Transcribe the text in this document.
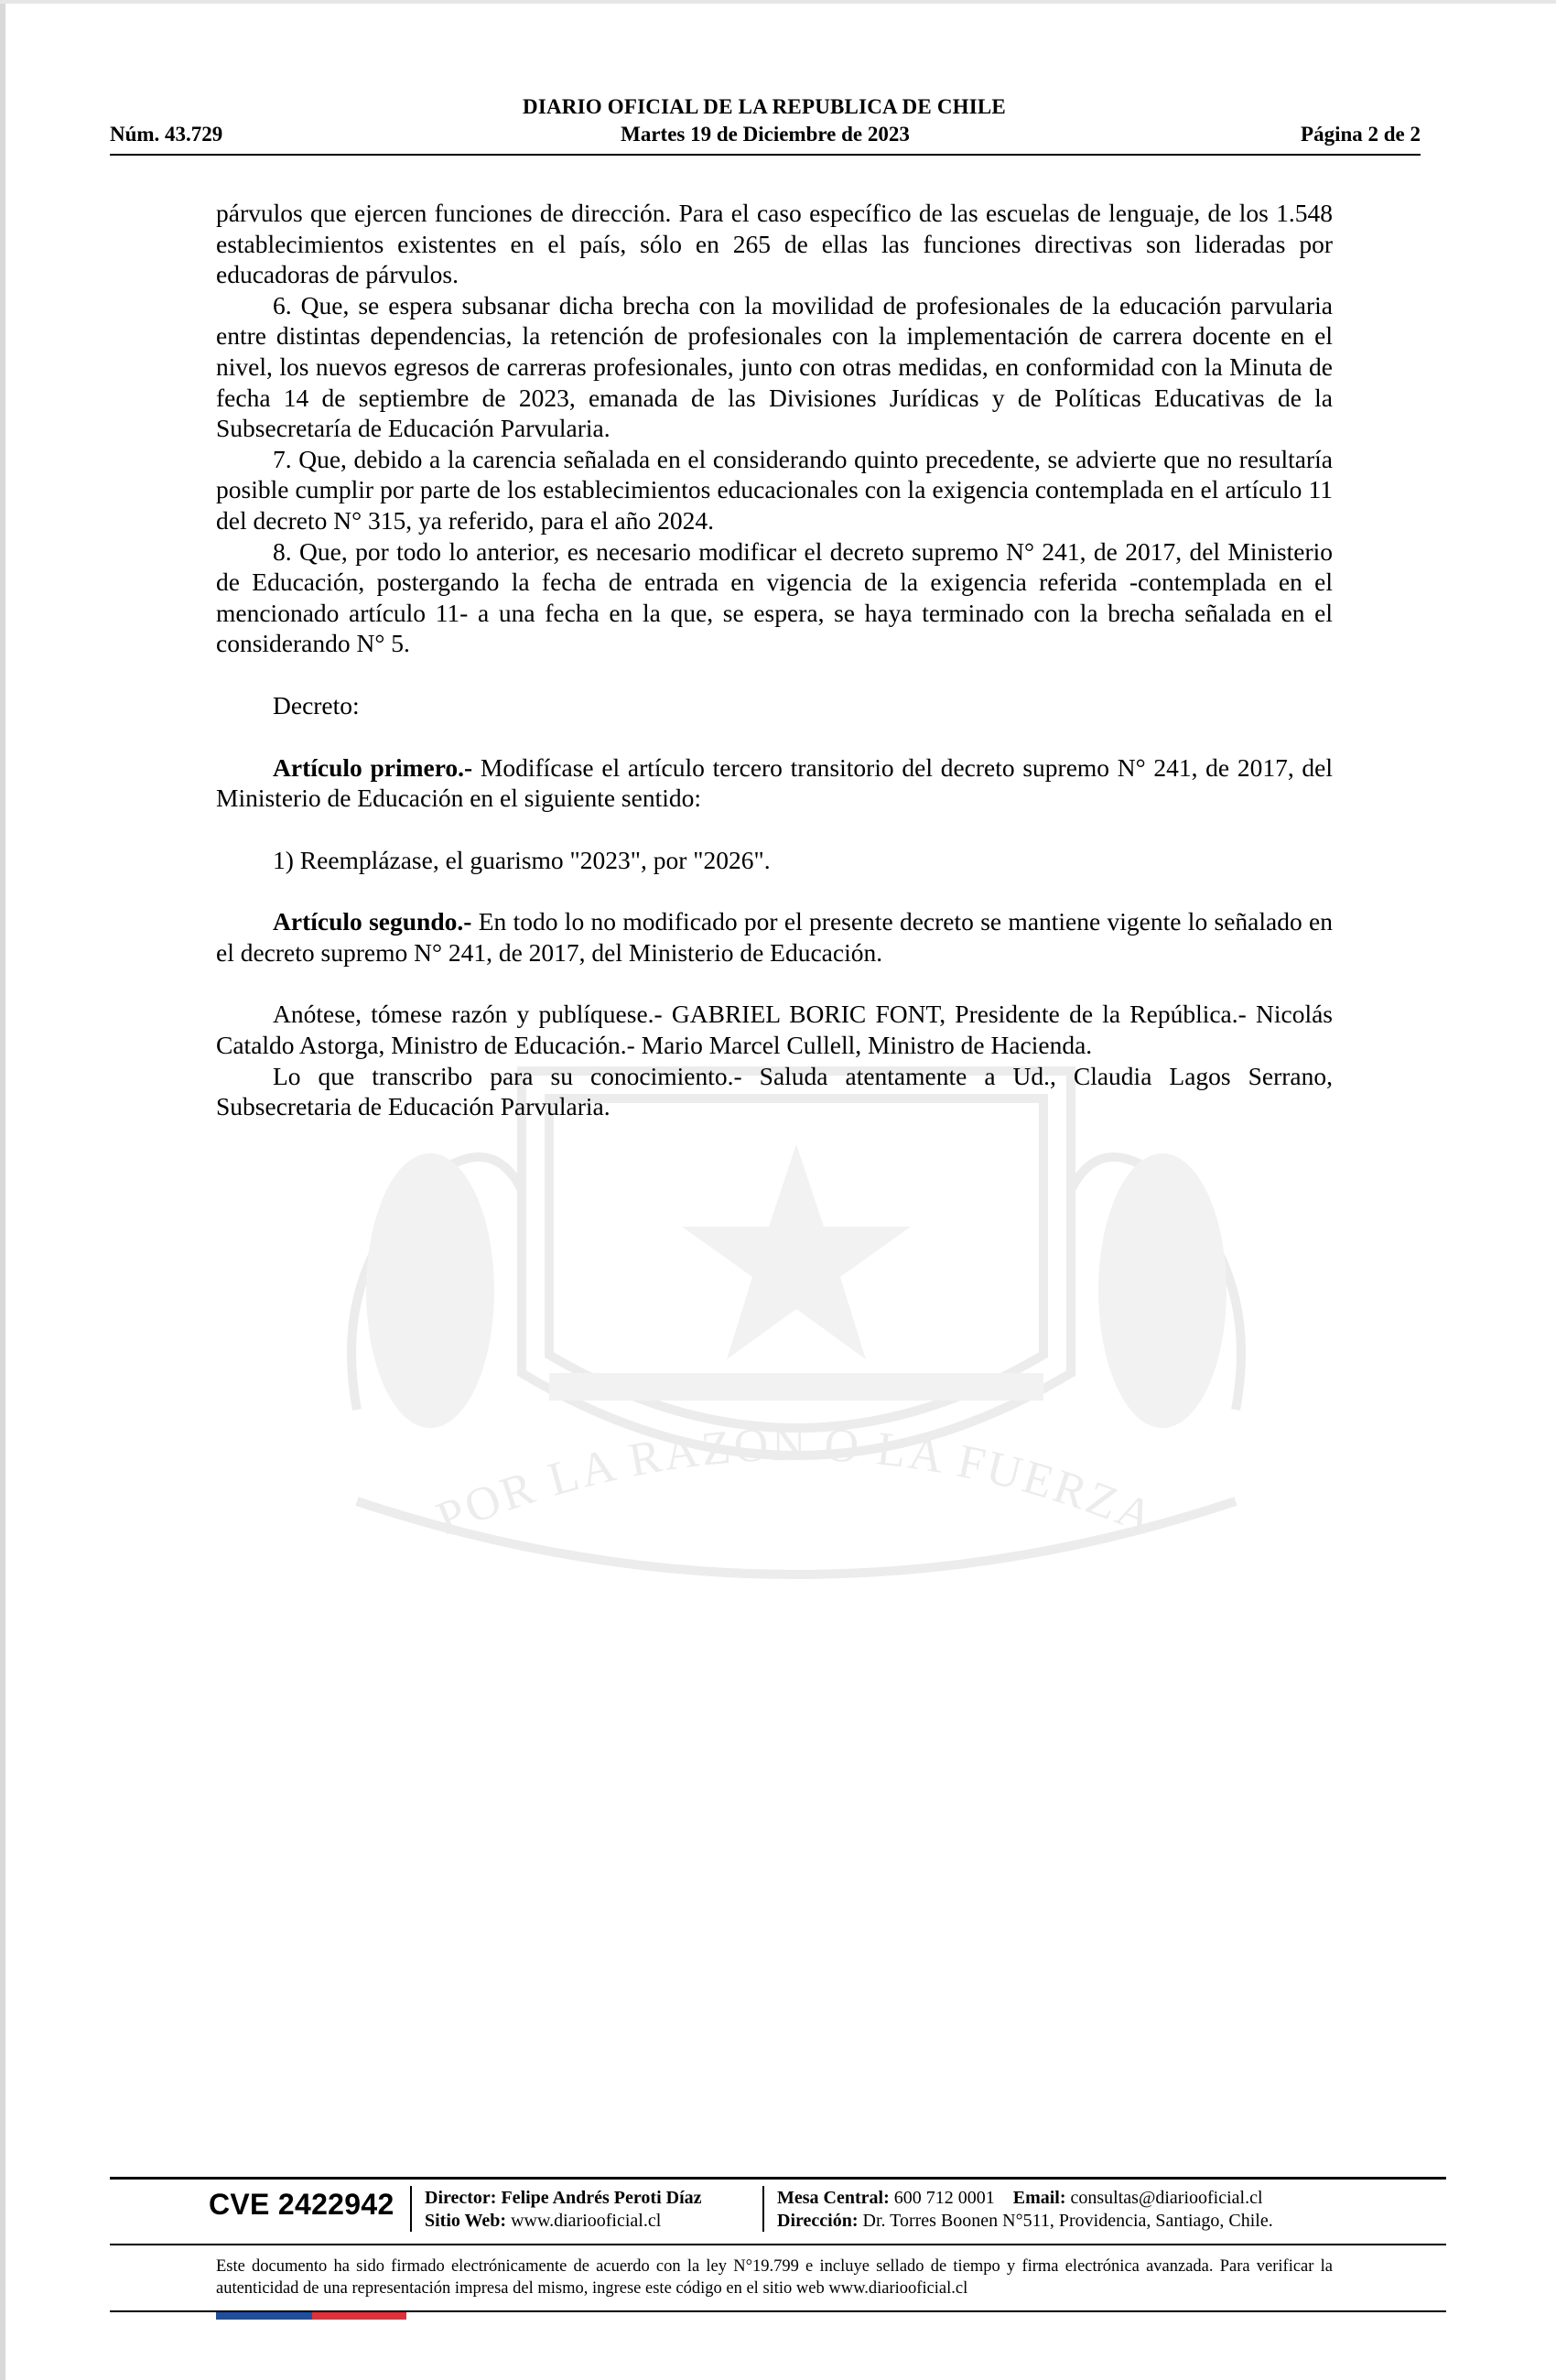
POR LA RAZON O LA FUERZA
DIARIO OFICIAL DE LA REPUBLICA DE CHILE
Martes 19 de Diciembre de 2023
Núm. 43.729	Página 2 de 2

párvulos que ejercen funciones de dirección. Para el caso específico de las escuelas de lenguaje, de los 1.548 establecimientos existentes en el país, sólo en 265 de ellas las funciones directivas son lideradas por educadoras de párvulos.

6. Que, se espera subsanar dicha brecha con la movilidad de profesionales de la educación parvularia entre distintas dependencias, la retención de profesionales con la implementación de carrera docente en el nivel, los nuevos egresos de carreras profesionales, junto con otras medidas, en conformidad con la Minuta de fecha 14 de septiembre de 2023, emanada de las Divisiones Jurídicas y de Políticas Educativas de la Subsecretaría de Educación Parvularia.

7. Que, debido a la carencia señalada en el considerando quinto precedente, se advierte que no resultaría posible cumplir por parte de los establecimientos educacionales con la exigencia contemplada en el artículo 11 del decreto N° 315, ya referido, para el año 2024.

8. Que, por todo lo anterior, es necesario modificar el decreto supremo N° 241, de 2017, del Ministerio de Educación, postergando la fecha de entrada en vigencia de la exigencia referida -contemplada en el mencionado artículo 11- a una fecha en la que, se espera, se haya terminado con la brecha señalada en el considerando N° 5.

Decreto:

Artículo primero.- Modifícase el artículo tercero transitorio del decreto supremo N° 241, de 2017, del Ministerio de Educación en el siguiente sentido:

1) Reemplázase, el guarismo "2023", por "2026".

Artículo segundo.- En todo lo no modificado por el presente decreto se mantiene vigente lo señalado en el decreto supremo N° 241, de 2017, del Ministerio de Educación.

Anótese, tómese razón y publíquese.- GABRIEL BORIC FONT, Presidente de la República.- Nicolás Cataldo Astorga, Ministro de Educación.- Mario Marcel Cullell, Ministro de Hacienda.

Lo que transcribo para su conocimiento.- Saluda atentamente a Ud., Claudia Lagos Serrano, Subsecretaria de Educación Parvularia.

CVE 2422942 Director: Felipe Andrés Peroti Díaz
Sitio Web: www.diariooficial.cl
Mesa Central: 600 712 0001 Email: consultas@diariooficial.cl
Dirección: Dr. Torres Boonen N°511, Providencia, Santiago, Chile.
Este documento ha sido firmado electrónicamente de acuerdo con la ley N°19.799 e incluye sellado de tiempo y firma electrónica avanzada. Para verificar la autenticidad de una representación impresa del mismo, ingrese este código en el sitio web www.diariooficial.cl
